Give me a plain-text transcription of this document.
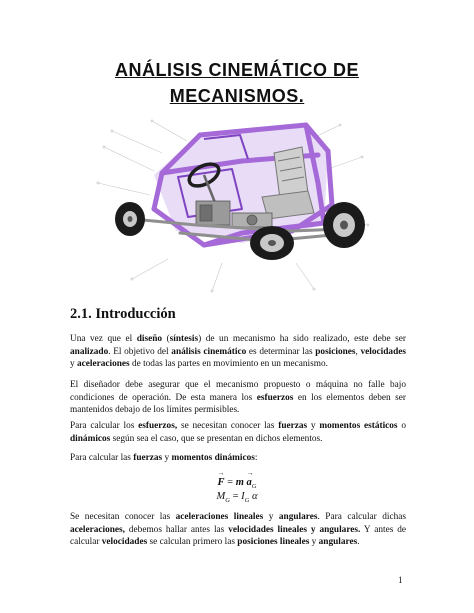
ANÁLISIS CINEMÁTICO DE
MECANISMOS.
2.1. Introducción
Una vez que el diseño (síntesis) de un mecanismo ha sido realizado, este debe ser analizado. El objetivo del análisis cinemático es determinar las posiciones, velocidades y aceleraciones de todas las partes en movimiento en un mecanismo.
El diseñador debe asegurar que el mecanismo propuesto o máquina no falle bajo condiciones de operación. De esta manera los esfuerzos en los elementos deben ser mantenidos debajo de los límites permisibles.
Para calcular los esfuerzos, se necesitan conocer las fuerzas y momentos estáticos o dinámicos según sea el caso, que se presentan en dichos elementos.
Para calcular las fuerzas y momentos dinámicos:
→ $F = m \to a_G$
$M_G = I_G$ α
Se necesitan conocer las aceleraciones lineales y angulares. Para calcular dichas aceleraciones, debemos hallar antes las velocidades lineales y angulares. Y antes de calcular velocidades se calculan primero las posiciones lineales y angulares.
1
